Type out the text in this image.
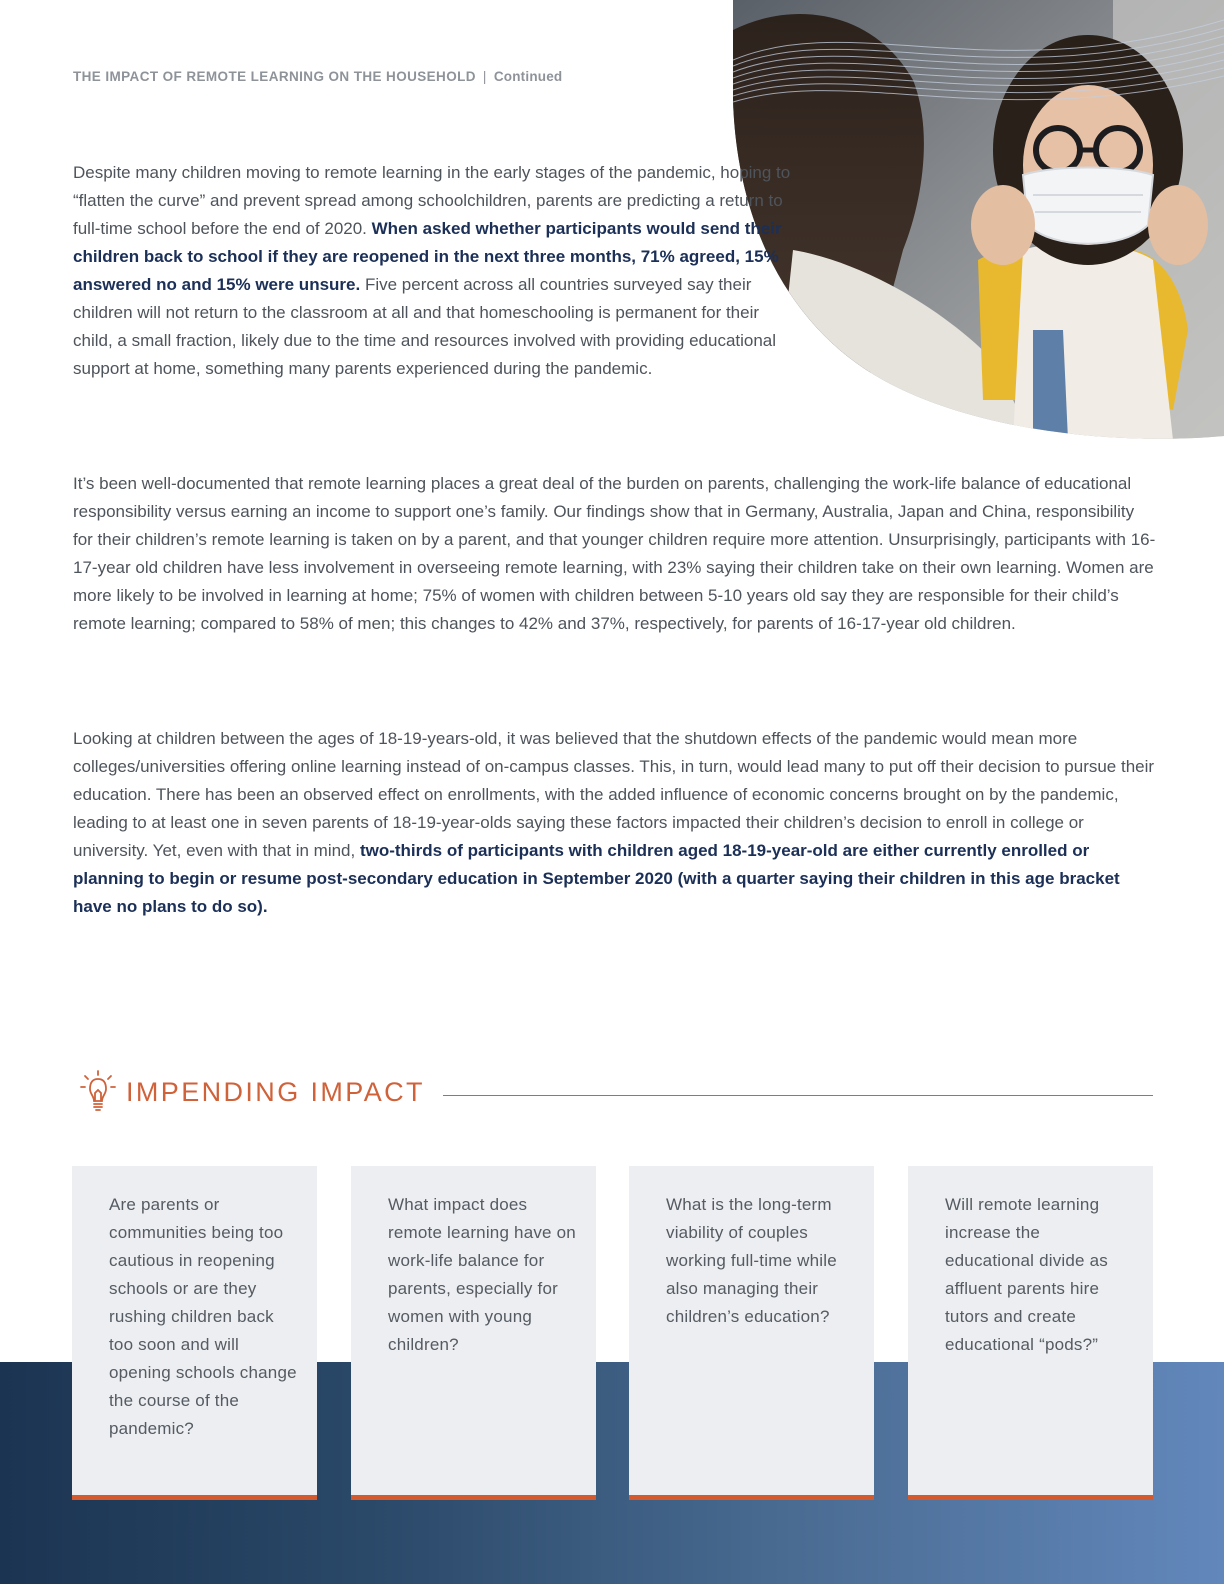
THE IMPACT OF REMOTE LEARNING ON THE HOUSEHOLD | Continued

Despite many children moving to remote learning in the early stages of the pandemic, hoping to “flatten the curve” and prevent spread among schoolchildren, parents are predicting a return to full-time school before the end of 2020. When asked whether participants would send their children back to school if they are reopened in the next three months, 71% agreed, 15% answered no and 15% were unsure. Five percent across all countries surveyed say their children will not return to the classroom at all and that homeschooling is permanent for their child, a small fraction, likely due to the time and resources involved with providing educational support at home, something many parents experienced during the pandemic.

It’s been well-documented that remote learning places a great deal of the burden on parents, challenging the work-life balance of educational responsibility versus earning an income to support one’s family. Our findings show that in Germany, Australia, Japan and China, responsibility for their children’s remote learning is taken on by a parent, and that younger children require more attention. Unsurprisingly, participants with 16-17-year old children have less involvement in overseeing remote learning, with 23% saying their children take on their own learning. Women are more likely to be involved in learning at home; 75% of women with children between 5-10 years old say they are responsible for their child’s remote learning; compared to 58% of men; this changes to 42% and 37%, respectively, for parents of 16-17-year old children.

Looking at children between the ages of 18-19-years-old, it was believed that the shutdown effects of the pandemic would mean more colleges/universities offering online learning instead of on-campus classes. This, in turn, would lead many to put off their decision to pursue their education. There has been an observed effect on enrollments, with the added influence of economic concerns brought on by the pandemic, leading to at least one in seven parents of 18-19-year-olds saying these factors impacted their children’s decision to enroll in college or university. Yet, even with that in mind, two-thirds of participants with children aged 18-19-year-old are either currently enrolled or planning to begin or resume post-secondary education in September 2020 (with a quarter saying their children in this age bracket have no plans to do so).

IMPENDING IMPACT

Are parents or communities being too cautious in reopening schools or are they rushing children back too soon and will opening schools change the course of the pandemic?

What impact does remote learning have on work-life balance for parents, especially for women with young children?

What is the long-term viability of couples working full-time while also managing their children’s education?

Will remote learning increase the educational divide as affluent parents hire tutors and create educational “pods?”
